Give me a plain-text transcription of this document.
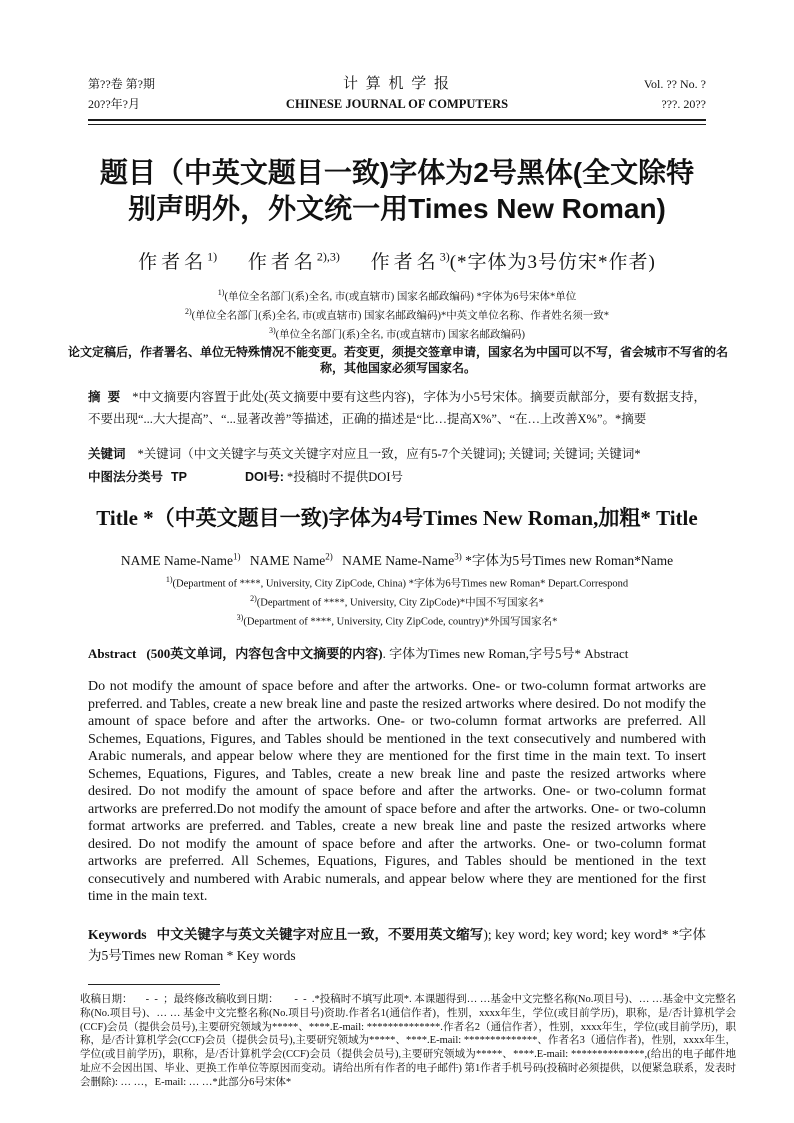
第??卷 第?期
20??年?月
计 算 机 学 报
CHINESE JOURNAL OF COMPUTERS
Vol. ?? No. ?
???. 20??
题目（中英文题目一致)字体为2号黑体(全文除特别声明外，外文统一用Times New Roman)
作者名$^{1)}$ 作者名$^{2),3)}$ 作者名$^{3)}$(*字体为3号仿宋*作者)
$^{1)}$(单位全名部门(系)全名, 市(或直辖市) 国家名邮政编码) *字体为6号宋体*单位
$^{2)}$(单位全名部门(系)全名, 市(或直辖市) 国家名邮政编码)*中英文单位名称、作者姓名须一致*
$^{3)}$(单位全名部门(系)全名, 市(或直辖市) 国家名邮政编码)
论文定稿后，作者署名、单位无特殊情况不能变更。若变更，须提交签章申请，国家名为中国可以不写，省会城市不写省的名称，其他国家必须写国家名。

摘  要 *中文摘要内容置于此处(英文摘要中要有这些内容)，字体为小5号宋体。摘要贡献部分，要有数据支持，不要出现“...大大提高”、“...显著改善”等描述，正确的描述是“比…提高X%”、“在…上改善X%”。*摘要

关键词 *关键词（中文关键字与英文关键字对应且一致，应有5-7个关键词); 关键词; 关键词; 关键词*

中图法分类号 TP	DOI号: *投稿时不提供DOI号

Title *（中英文题目一致)字体为4号Times New Roman,加粗* Title
NAME Name-Name$^{1)}$ NAME Name$^{2)}$ NAME Name-Name$^{3)}$ *字体为5号Times new Roman*Name
$^{1)}$(Department of ****, University, City ZipCode, China) *字体为6号Times new Roman* Depart.Correspond
$^{2)}$(Department of ****, University, City ZipCode)*中国不写国家名*
$^{3)}$(Department of ****, University, City ZipCode, country)*外国写国家名*

Abstract (500英文单词，内容包含中文摘要的内容). 字体为Times new Roman,字号5号* Abstract

Do not modify the amount of space before and after the artworks. One- or two-column format artworks are preferred. and Tables, create a new break line and paste the resized artworks where desired. Do not modify the amount of space before and after the artworks. One- or two-column format artworks are preferred. All Schemes, Equations, Figures, and Tables should be mentioned in the text consecutively and numbered with Arabic numerals, and appear below where they are mentioned for the first time in the main text. To insert Schemes, Equations, Figures, and Tables, create a new break line and paste the resized artworks where desired. Do not modify the amount of space before and after the artworks. One- or two-column format artworks are preferred.Do not modify the amount of space before and after the artworks. One- or two-column format artworks are preferred. and Tables, create a new break line and paste the resized artworks where desired. Do not modify the amount of space before and after the artworks. One- or two-column format artworks are preferred. All Schemes, Equations, Figures, and Tables should be mentioned in the text consecutively and numbered with Arabic numerals, and appear below where they are mentioned for the first time in the main text.

Keywords 中文关键字与英文关键字对应且一致，不要用英文缩写); key word; key word; key word* *字体为5号Times new Roman * Key words

收稿日期：     -  -  ；最终修改稿收到日期：      -  -  .*投稿时不填写此项*. 本课题得到… …基金中文完整名称(No.项目号)、… …基金中文完整名称(No.项目号)、… … 基金中文完整名称(No.项目号)资助.作者名1(通信作者)，性别，xxxx年生，学位(或目前学历)，职称，是/否计算机学会(CCF)会员（提供会员号),主要研究领域为*****、****.E-mail: **************.作者名2（通信作者），性别，xxxx年生，学位(或目前学历)，职称，是/否计算机学会(CCF)会员（提供会员号),主要研究领域为*****、****.E-mail: **************、作者名3（通信作者)，性别，xxxx年生，学位(或目前学历)，职称，是/否计算机学会(CCF)会员（提供会员号),主要研究领域为*****、****.E-mail: **************,(给出的电子邮件地址应不会因出国、毕业、更换工作单位等原因而变动。请给出所有作者的电子邮件) 第1作者手机号码(投稿时必须提供，以便紧急联系，发表时会删除): … …，E-mail: … …*此部分6号宋体*
